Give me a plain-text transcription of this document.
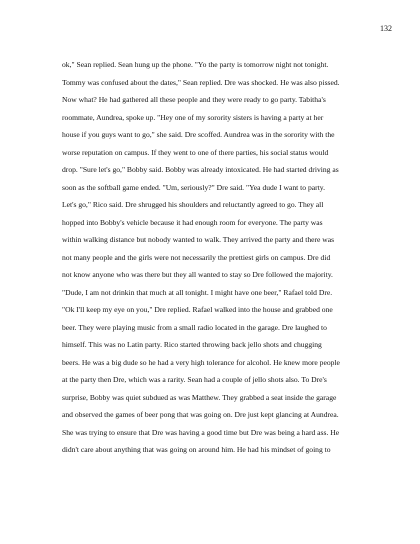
132
ok," Sean replied. Sean hung up the phone. "Yo the party is tomorrow night not tonight.
Tommy was confused about the dates," Sean replied. Dre was shocked. He was also pissed.
Now what? He had gathered all these people and they were ready to go party. Tabitha's
roommate, Aundrea, spoke up. "Hey one of my sorority sisters is having a party at her
house if you guys want to go," she said. Dre scoffed. Aundrea was in the sorority with the
worse reputation on campus. If they went to one of there parties, his social status would
drop. "Sure let's go," Bobby said. Bobby was already intoxicated. He had started driving as
soon as the softball game ended. "Um, seriously?" Dre said. "Yea dude I want to party.
Let's go," Rico said. Dre shrugged his shoulders and reluctantly agreed to go. They all
hopped into Bobby's vehicle because it had enough room for everyone. The party was
within walking distance but nobody wanted to walk. They arrived the party and there was
not many people and the girls were not necessarily the prettiest girls on campus. Dre did
not know anyone who was there but they all wanted to stay so Dre followed the majority.
"Dude, I am not drinkin that much at all tonight. I might have one beer," Rafael told Dre.
"Ok I'll keep my eye on you," Dre replied. Rafael walked into the house and grabbed one
beer. They were playing music from a small radio located in the garage. Dre laughed to
himself. This was no Latin party. Rico started throwing back jello shots and chugging
beers. He was a big dude so he had a very high tolerance for alcohol. He knew more people
at the party then Dre, which was a rarity. Sean had a couple of jello shots also. To Dre's
surprise, Bobby was quiet subdued as was Matthew. They grabbed a seat inside the garage
and observed the games of beer pong that was going on. Dre just kept glancing at Aundrea.
She was trying to ensure that Dre was having a good time but Dre was being a hard ass. He
didn't care about anything that was going on around him. He had his mindset of going to
